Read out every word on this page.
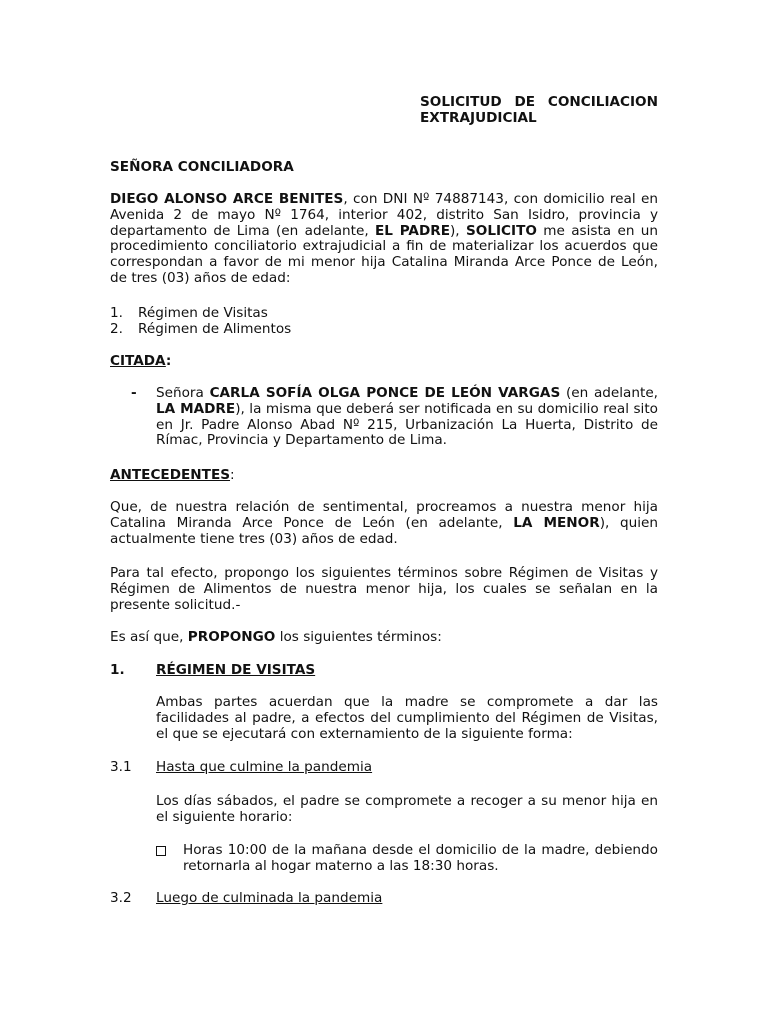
SOLICITUD DE CONCILIACION
EXTRAJUDICIAL
SEÑORA CONCILIADORA
DIEGO ALONSO ARCE BENITES, con DNI Nº 74887143, con domicilio real en Avenida 2 de mayo Nº 1764, interior 402, distrito San Isidro, provincia y departamento de Lima (en adelante, EL PADRE), SOLICITO me asista en un procedimiento conciliatorio extrajudicial a fin de materializar los acuerdos que correspondan a favor de mi menor hija Catalina Miranda Arce Ponce de León, de tres (03) años de edad:
1. Régimen de Visitas
2. Régimen de Alimentos
CITADA:
- Señora CARLA SOFÍA OLGA PONCE DE LEÓN VARGAS (en adelante, LA MADRE), la misma que deberá ser notificada en su domicilio real sito en Jr. Padre Alonso Abad Nº 215, Urbanización La Huerta, Distrito de Rímac, Provincia y Departamento de Lima.
ANTECEDENTES:
Que, de nuestra relación de sentimental, procreamos a nuestra menor hija Catalina Miranda Arce Ponce de León (en adelante, LA MENOR), quien actualmente tiene tres (03) años de edad.
Para tal efecto, propongo los siguientes términos sobre Régimen de Visitas y Régimen de Alimentos de nuestra menor hija, los cuales se señalan en la presente solicitud.-
Es así que, PROPONGO los siguientes términos:
1. RÉGIMEN DE VISITAS
Ambas partes acuerdan que la madre se compromete a dar las facilidades al padre, a efectos del cumplimiento del Régimen de Visitas, el que se ejecutará con externamiento de la siguiente forma:
3.1 Hasta que culmine la pandemia
Los días sábados, el padre se compromete a recoger a su menor hija en el siguiente horario:
Horas 10:00 de la mañana desde el domicilio de la madre, debiendo retornarla al hogar materno a las 18:30 horas.
3.2 Luego de culminada la pandemia
